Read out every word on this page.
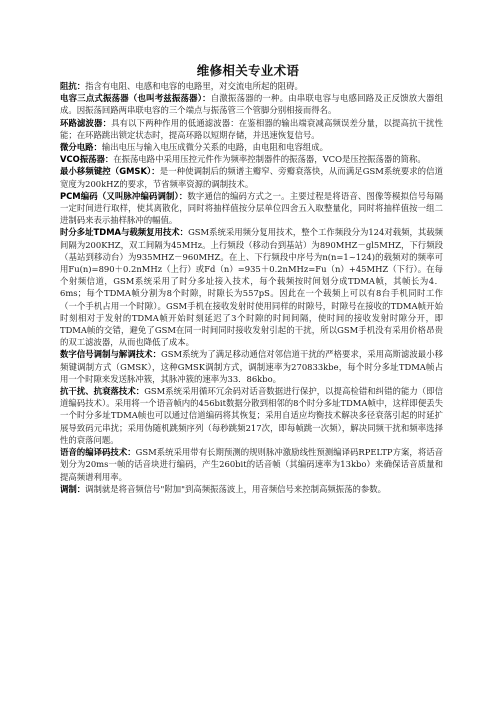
维修相关专业术语

阻抗：指含有电阻、电感和电容的电路里，对交流电所起的阻碍。

电容三点式振荡器（也叫考兹振荡器）：自激振荡器的一种。由串联电容与电感回路及正反馈放大器组成。因振荡回路两串联电容的三个端点与振荡管三个管脚分别相接而得名。

环路滤波器：具有以下两种作用的低通滤波器：在鉴相器的输出端衰减高频误差分量，以提高抗干扰性能；在环路跳出锁定状态时，提高环路以短期存储，并迅速恢复信号。

微分电路：输出电压与输入电压成微分关系的电路，由电阻和电容组成。

VCO振荡器：在振荡电路中采用压控元件作为频率控制器件的振荡器，VCO是压控振荡器的简称。

最小移频键控（GMSK）：是一种使调制后的频谱主瓣窄、旁瓣衰落快，从而满足GSM系统要求的信道宽度为200kHZ的要求，节省频率资源的调制技术。

PCM编码（又叫脉冲编码调制）：数字通信的编码方式之一。主要过程是将语音、图像等模拟信号每隔一定时间进行取样，使其离散化，同时将抽样值按分层单位四舍五入取整量化，同时将抽样值按一组二进制码来表示抽样脉冲的幅值。

时分多址TDMA与载频复用技术：GSM系统采用频分复用技术，整个工作频段分为124对载频，其载频间隔为200KHZ，双工间隔为45MHz。上行频段（移动台到基站）为890MHZ－gl5MHZ，下行频段（基站到移动台）为935MHZ－960MHZ。在上、下行频段中序号为n(n=1~124)的载频对的频率可用Fu(n)=890＋0.2nMHz（上行）或Fd（n）=935＋0.2nMHz=Fu（n）+45MHZ（下行）。在每个射频信道，GSM系统采用了时分多址接入技术，每个载频按时间划分成TDMA帧，其帧长为4．6ms；每个TDMA帧分割为8个时隙，时隙长为557pS。因此在一个载频上可以有8台手机同时工作（一个手机占用一个时隙）。GSM手机在接收发射时使用同样的时隙号，时隙号在接收的TDMA帧开始时刻相对于发射的TDMA帧开始时刻延迟了3个时隙的时间间隔，使时间的接收发射时隙分开，即TDMA帧的交错，避免了GSM在同一时间同时接收发射引起的干扰，所以GSM手机没有采用价格昂贵的双工滤波器，从而也降低了成本。

数字信号调制与解调技术：GSM系统为了满足移动通信对邻信道干扰的严格要求，采用高斯滤波最小移频键调制方式（GMSK），这种GMSK调制方式，调制速率为270833kbe，每个时分多址TDMA帧占用一个时隙来发送脉冲簇，其脉冲簇的速率为33．86kbo。

抗干扰、抗衰落技术：GSM系统采用循环冗余码对话音数据进行保护，以提高检错和纠错的能力（即信道编码技术）。采用将一个语音帧内的456bit数据分散到相邻的8个时分多址TDMA帧中，这样即便丢失一个时分多址TDMA帧也可以通过信道编码将其恢复；采用自适应均衡技术解决多径衰落引起的时延扩展导致码元串扰；采用伪随机跳频序列（每秒跳频217次，即每帧跳一次频），解决同频干扰和频率选择性的衰落问题。

语音的编译码技术：GSM系统采用带有长期预测的规则脉冲激励线性预测编译码RPELTP方案，将话音划分为20ms一帧的话音块进行编码，产生260bit的话音帧（其编码速率为13kbo）来确保话音质量和提高频谱利用率。

调制：调制就是将音频信号"附加"到高频振荡波上，用音频信号来控制高频振荡的参数。
